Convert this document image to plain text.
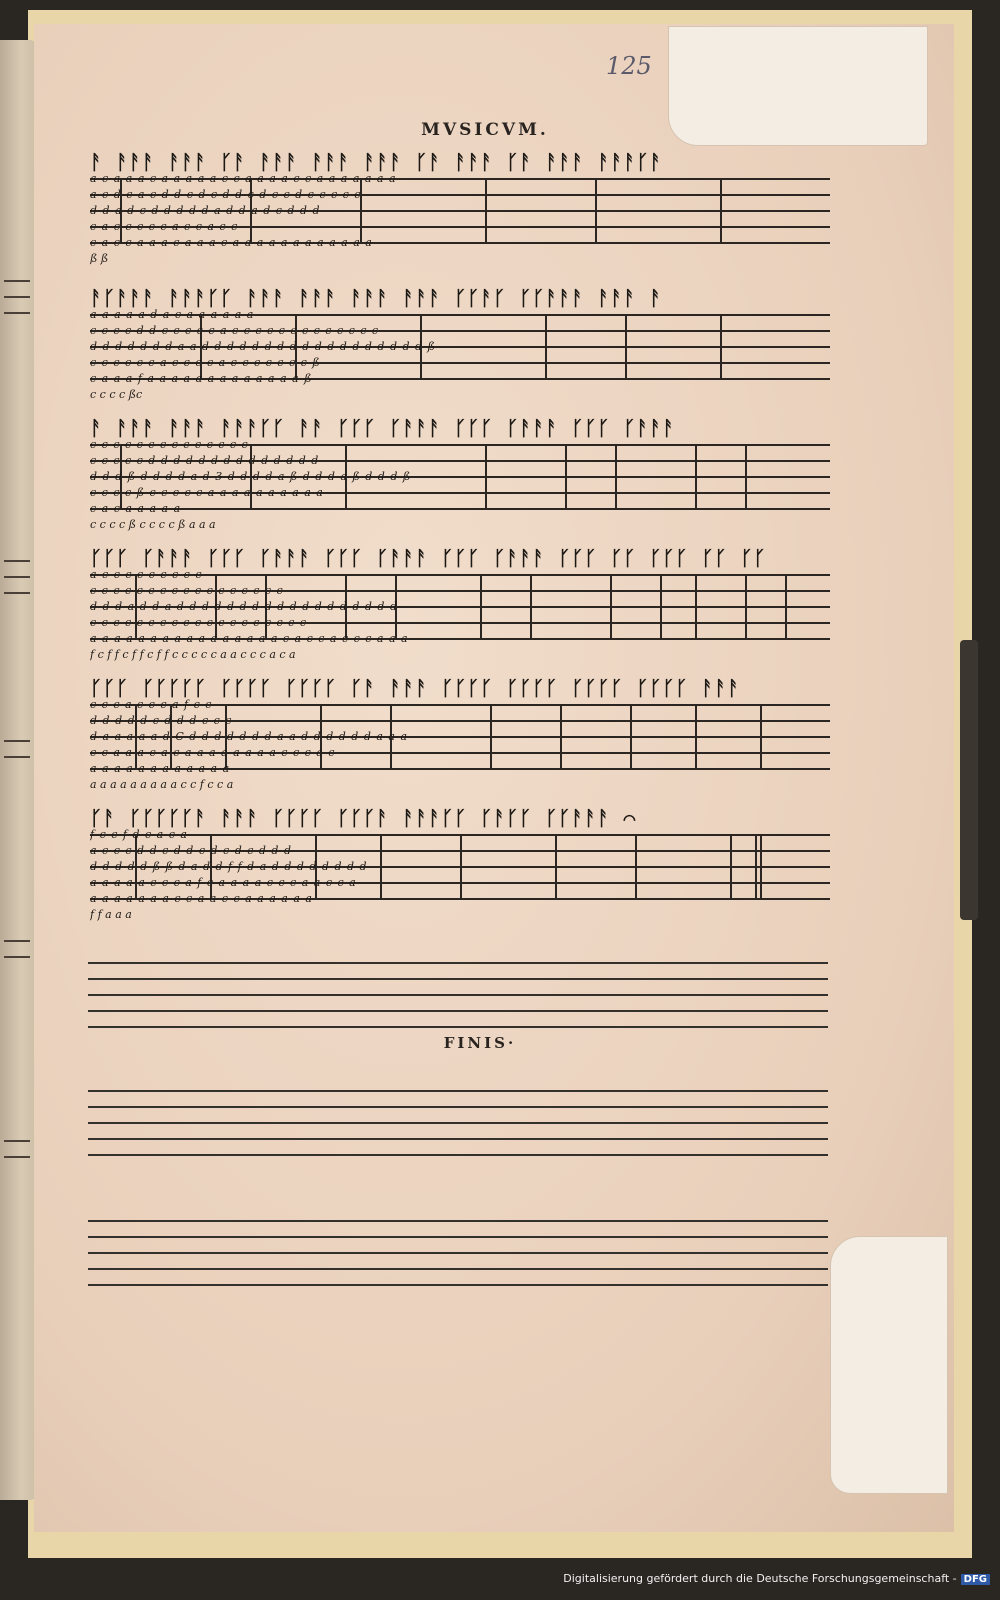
125
MVSICVM.
ᚨ ᚨᚨᚨ ᚨᚨᚨ ᚴᚨ ᚨᚨᚨ ᚨᚨᚨ ᚨᚨᚨ ᚴᚨ ᚨᚨᚨ ᚴᚨ ᚨᚨᚨ ᚨᚨᚨᚴᚨ
a c a a a c a a a a a c c a a a a c c a a a a a a a
a c d c a c d d c d c d d c d c c d c c c c c
d d a d c d d d d d a d d a d c d d d
c a c c c c c a c c a c c
c a c c a a a c a a a c a a a a a a a a a a a a
ß ß
ᚨᚴᚨᚨᚨ ᚨᚨᚨᚴᚴ ᚨᚨᚨ ᚨᚨᚨ ᚨᚨᚨ ᚨᚨᚨ ᚴᚴᚨᚴ ᚴᚴᚨᚨᚨ ᚨᚨᚨ ᚨ
a a a a a d a c a a a a a a
c c c c d d c c c c c a c c c c c c c c c c c c c
d d d d d d d a a d d d d d d d d d d d d d d d d d d ß
c c c c c c a c c c c a c c c c c c c ß
c a a a f a a a a a a a a a a a a a ß
c c c c ßc
ᚨ ᚨᚨᚨ ᚨᚨᚨ ᚨᚨᚨᚴᚴ ᚨᚨ ᚴᚴᚴ ᚴᚨᚨᚨ ᚴᚴᚴ ᚴᚨᚨᚨ ᚴᚴᚴ ᚴᚨᚨᚨ
c c c c c c c c c c c c c c
c c c c c d d d d d d d d d d d d d d
d d d ß d d d d a d 3 d d d d a ß d d d a ß d d d ß
c c c c ß c c c c c a a a a a a a a a a
c a c a a a a a
c c c c ß c c c c ß a a a
ᚴᚴᚴ ᚴᚨᚨᚨ ᚴᚴᚴ ᚴᚨᚨᚨ ᚴᚴᚴ ᚴᚨᚨᚨ ᚴᚴᚴ ᚴᚨᚨᚨ ᚴᚴᚴ ᚴᚴ ᚴᚴᚴ ᚴᚴ ᚴᚴ
a c c c c c c c c c
c c c c c c c c c c c c c c c c c
d d d a d d a d d d d d d d d d d d d d d d d d d
c c c c c c c c c c c c c c c c c c c
a a a a a a a a a a a a a a a a c a c c a c c c a a a
f c f f c f f c f f c c c c c a a c c c a c a
ᚴᚴᚴ ᚴᚴᚴᚴᚴ ᚴᚴᚴᚴ ᚴᚴᚴᚴ ᚴᚨ ᚨᚨᚨ ᚴᚴᚴᚴ ᚴᚴᚴᚴ ᚴᚴᚴᚴ ᚴᚴᚴᚴ ᚨᚨᚨ
c c c a c c c a f c c
d d d d d c d d d c c c
d a a a a a d C d d d d d d d a a d d d d d d a a a
c c a a a c a c a a a a a a a a c c c a c
a a a a a a a a a a a a
a a a a a a a a a c c f c c a
ᚴᚨ ᚴᚴᚴᚴᚴᚨ ᚨᚨᚨ ᚴᚴᚴᚴ ᚴᚴᚴᚨ ᚨᚨᚨᚴᚴ ᚴᚨᚴᚴ ᚴᚴᚨᚨᚨ ⌒
f c c f d c a c a
a c c c d d c d d c d c d c d d d
d d d d d ß ß d a d d f f d a d d d d d d d d
a a a a a c c c a f c a a a a c c c a a c c a
a a a a a a a c c a a c c a a a a a a
f f a a a
FINIS·
Digitalisierung gefördert durch die Deutsche Forschungsgemeinschaft - DFG
